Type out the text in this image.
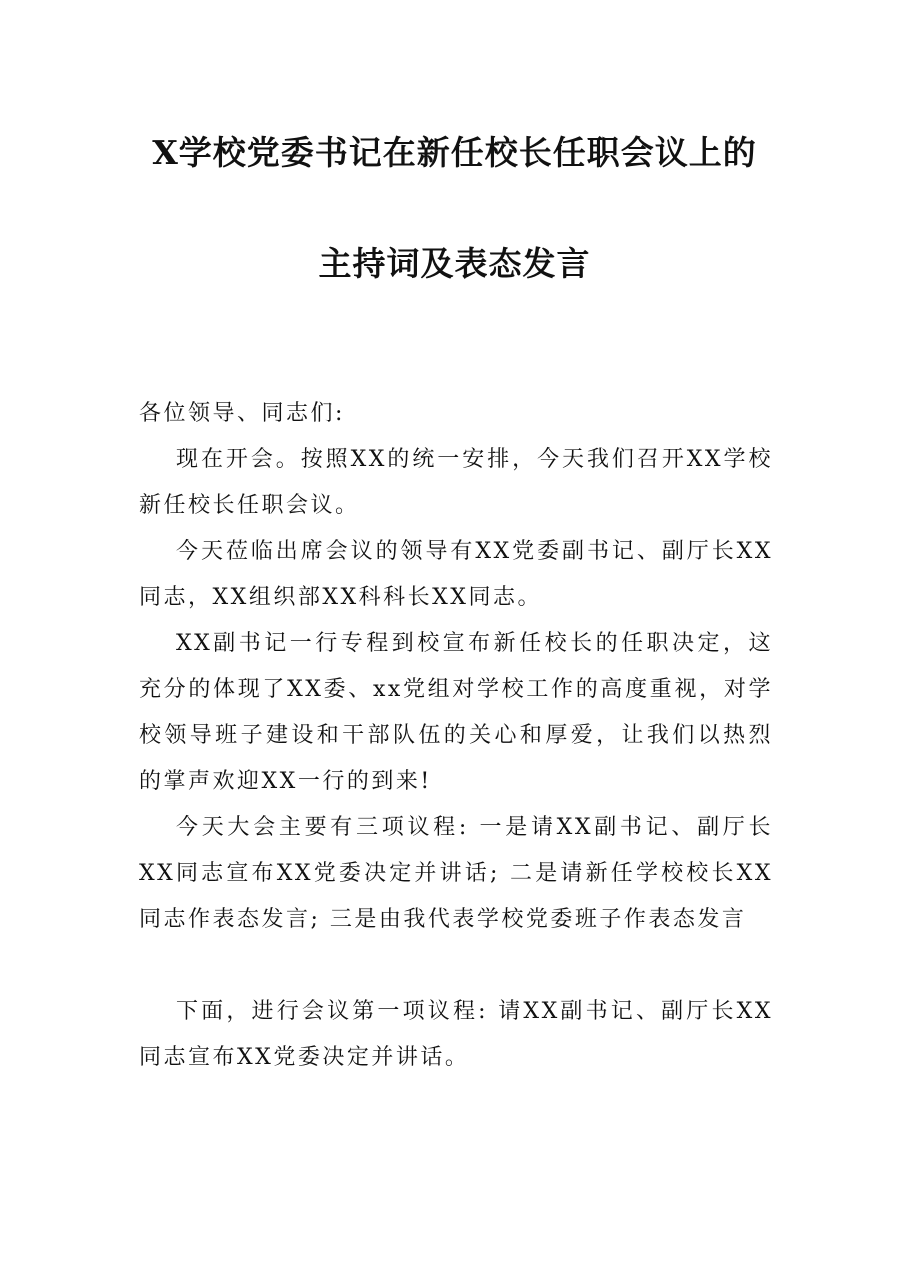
X学校党委书记在新任校长任职会议上的
主持词及表态发言

各位领导、同志们:

现在开会。按照XX的统一安排，今天我们召开XX学校新任校长任职会议。

今天莅临出席会议的领导有XX党委副书记、副厅长XX同志，XX组织部XX科科长XX同志。

XX副书记一行专程到校宣布新任校长的任职决定，这充分的体现了XX委、xx党组对学校工作的高度重视，对学校领导班子建设和干部队伍的关心和厚爱，让我们以热烈的掌声欢迎XX一行的到来!

今天大会主要有三项议程: 一是请XX副书记、副厅长XX同志宣布XX党委决定并讲话; 二是请新任学校校长XX同志作表态发言; 三是由我代表学校党委班子作表态发言

下面，进行会议第一项议程: 请XX副书记、副厅长XX同志宣布XX党委决定并讲话。
